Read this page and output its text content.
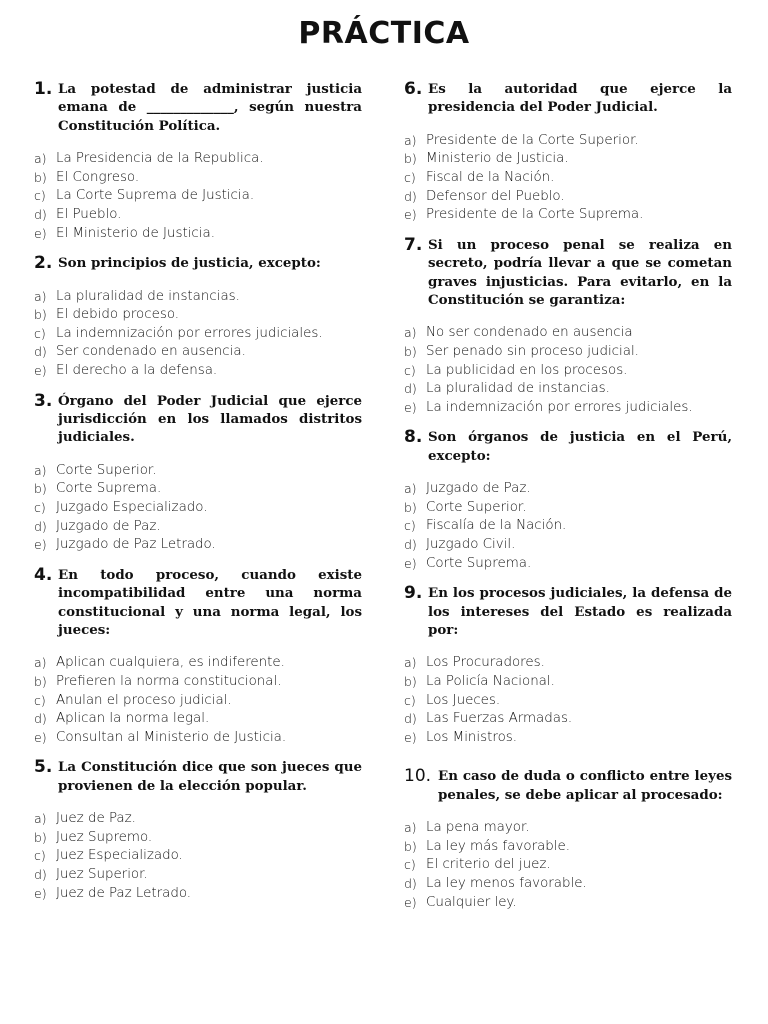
PRÁCTICA
1. La potestad de administrar justicia emana de _____________, según nuestra Constitución Política.
a) La Presidencia de la Republica.
b) El Congreso.
c) La Corte Suprema de Justicia.
d) El Pueblo.
e) El Ministerio de Justicia.
2. Son principios de justicia, excepto:
a) La pluralidad de instancias.
b) El debido proceso.
c) La indemnización por errores judiciales.
d) Ser condenado en ausencia.
e) El derecho a la defensa.
3. Órgano del Poder Judicial que ejerce jurisdicción en los llamados distritos judiciales.
a) Corte Superior.
b) Corte Suprema.
c) Juzgado Especializado.
d) Juzgado de Paz.
e) Juzgado de Paz Letrado.
4. En todo proceso, cuando existe incompatibilidad entre una norma constitucional y una norma legal, los jueces:
a) Aplican cualquiera, es indiferente.
b) Prefieren la norma constitucional.
c) Anulan el proceso judicial.
d) Aplican la norma legal.
e) Consultan al Ministerio de Justicia.
5. La Constitución dice que son jueces que provienen de la elección popular.
a) Juez de Paz.
b) Juez Supremo.
c) Juez Especializado.
d) Juez Superior.
e) Juez de Paz Letrado.
6. Es la autoridad que ejerce la presidencia del Poder Judicial.
a) Presidente de la Corte Superior.
b) Ministerio de Justicia.
c) Fiscal de la Nación.
d) Defensor del Pueblo.
e) Presidente de la Corte Suprema.
7. Si un proceso penal se realiza en secreto, podría llevar a que se cometan graves injusticias. Para evitarlo, en la Constitución se garantiza:
a) No ser condenado en ausencia
b) Ser penado sin proceso judicial.
c) La publicidad en los procesos.
d) La pluralidad de instancias.
e) La indemnización por errores judiciales.
8. Son órganos de justicia en el Perú, excepto:
a) Juzgado de Paz.
b) Corte Superior.
c) Fiscalía de la Nación.
d) Juzgado Civil.
e) Corte Suprema.
9. En los procesos judiciales, la defensa de los intereses del Estado es realizada por:
a) Los Procuradores.
b) La Policía Nacional.
c) Los Jueces.
d) Las Fuerzas Armadas.
e) Los Ministros.
10. En caso de duda o conflicto entre leyes penales, se debe aplicar al procesado:
a) La pena mayor.
b) La ley más favorable.
c) El criterio del juez.
d) La ley menos favorable.
e) Cualquier ley.
